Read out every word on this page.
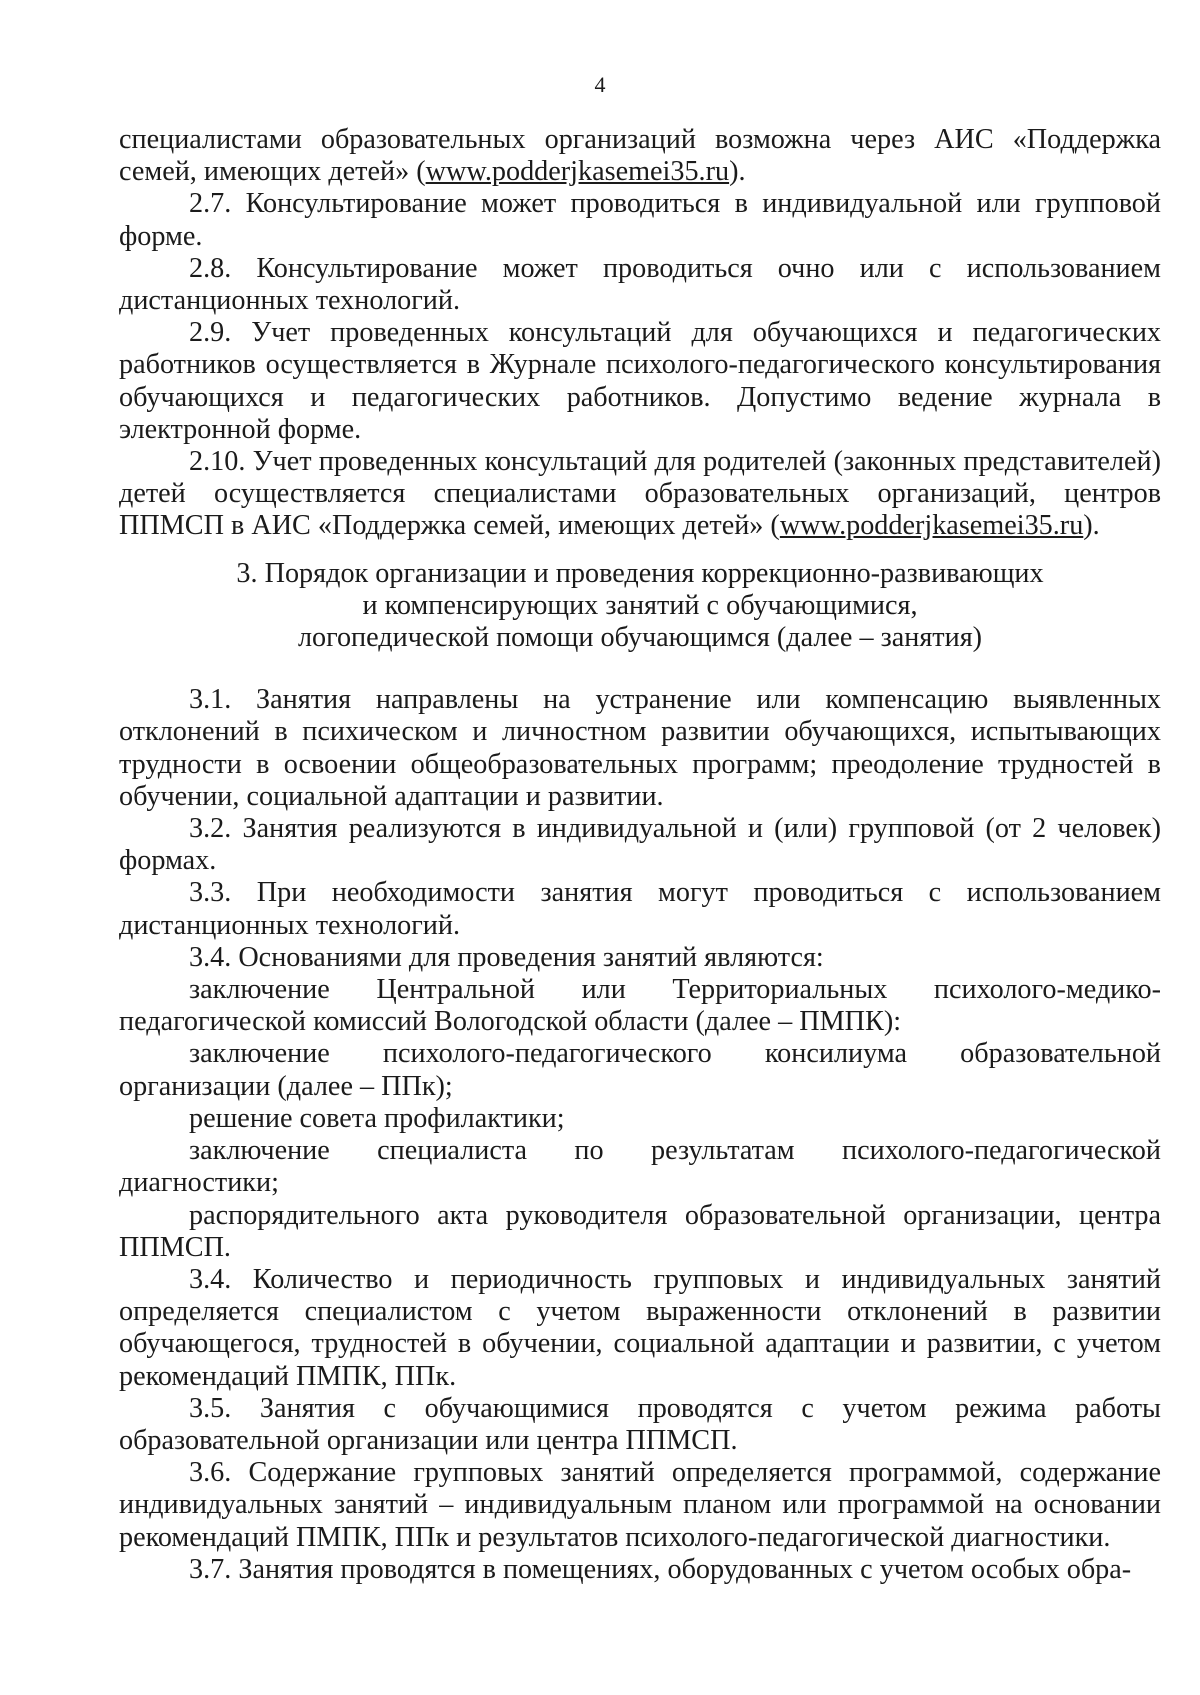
4

специалистами образовательных организаций возможна через АИС «Поддержка семей, имеющих детей» (www.podderjkasemei35.ru).

2.7. Консультирование может проводиться в индивидуальной или групповой форме.

2.8. Консультирование может проводиться очно или с использованием дистанционных технологий.

2.9. Учет проведенных консультаций для обучающихся и педагогических работников осуществляется в Журнале психолого-педагогического консультирования обучающихся и педагогических работников. Допустимо ведение журнала в электронной форме.

2.10. Учет проведенных консультаций для родителей (законных представителей) детей осуществляется специалистами образовательных организаций, центров ППМСП в АИС «Поддержка семей, имеющих детей» (www.podderjkasemei35.ru).

3. Порядок организации и проведения коррекционно-развивающих
и компенсирующих занятий с обучающимися,
логопедической помощи обучающимся (далее – занятия)

3.1. Занятия направлены на устранение или компенсацию выявленных отклонений в психическом и личностном развитии обучающихся, испытывающих трудности в освоении общеобразовательных программ; преодоление трудностей в обучении, социальной адаптации и развитии.

3.2. Занятия реализуются в индивидуальной и (или) групповой (от 2 человек) формах.

3.3. При необходимости занятия могут проводиться с использованием дистанционных технологий.

3.4. Основаниями для проведения занятий являются:

заключение Центральной или Территориальных психолого-медико-педагогической комиссий Вологодской области (далее – ПМПК):

заключение психолого-педагогического консилиума образовательной организации (далее – ППк);

решение совета профилактики;

заключение специалиста по результатам психолого-педагогической диагностики;

распорядительного акта руководителя образовательной организации, центра ППМСП.

3.4. Количество и периодичность групповых и индивидуальных занятий определяется специалистом с учетом выраженности отклонений в развитии обучающегося, трудностей в обучении, социальной адаптации и развитии, с учетом рекомендаций ПМПК, ППк.

3.5. Занятия с обучающимися проводятся с учетом режима работы образовательной организации или центра ППМСП.

3.6. Содержание групповых занятий определяется программой, содержание индивидуальных занятий – индивидуальным планом или программой на основании рекомендаций ПМПК, ППк и результатов психолого-педагогической диагностики.

3.7. Занятия проводятся в помещениях, оборудованных с учетом особых обра-
